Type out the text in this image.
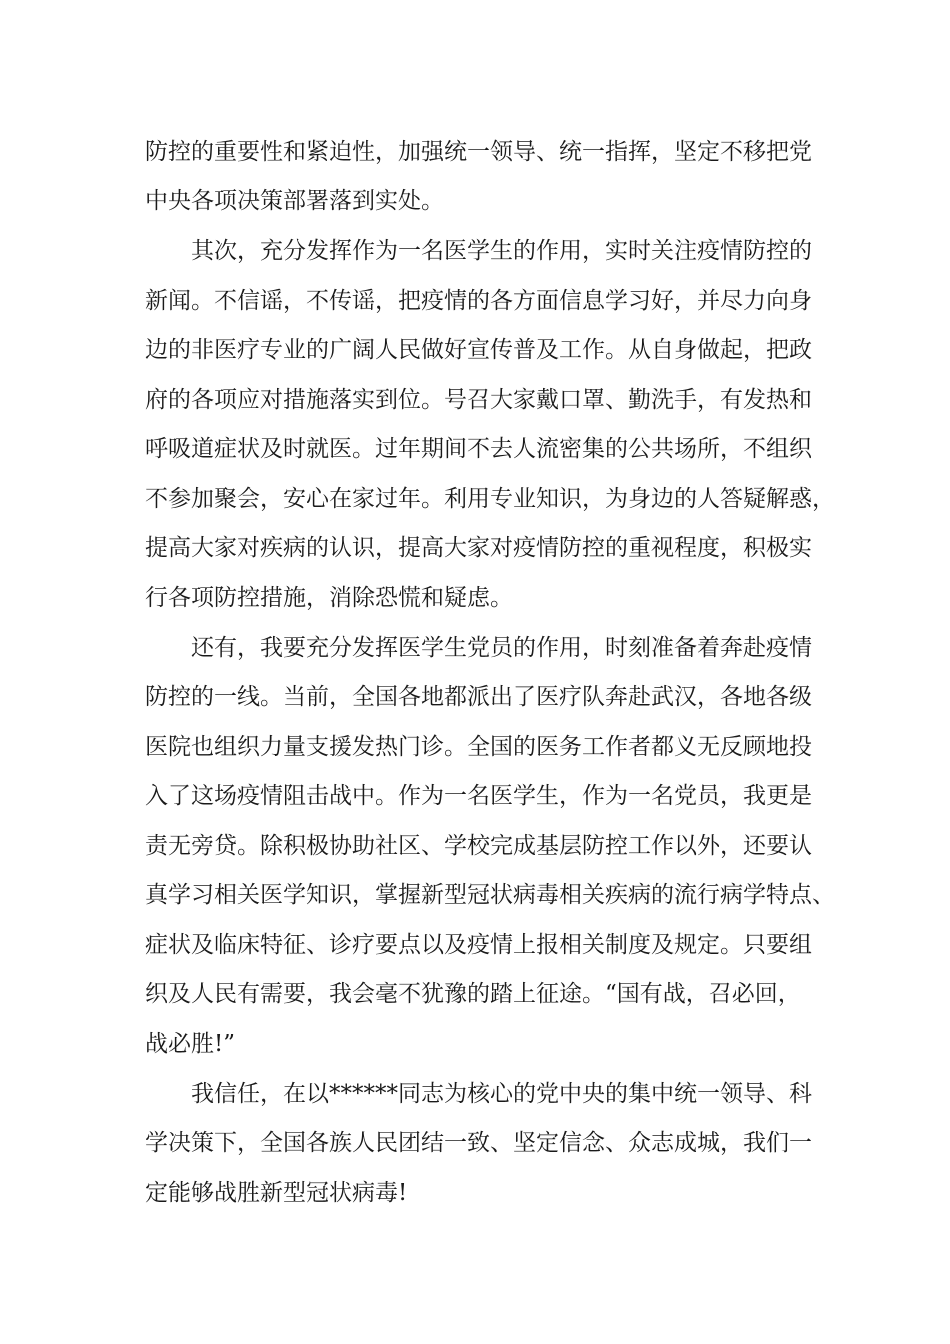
防控的重要性和紧迫性，加强统一领导、统一指挥，坚定不移把党
中央各项决策部署落到实处。
其次，充分发挥作为一名医学生的作用，实时关注疫情防控的
新闻。不信谣，不传谣，把疫情的各方面信息学习好，并尽力向身
边的非医疗专业的广阔人民做好宣传普及工作。从自身做起，把政
府的各项应对措施落实到位。号召大家戴口罩、勤洗手，有发热和
呼吸道症状及时就医。过年期间不去人流密集的公共场所，不组织
不参加聚会，安心在家过年。利用专业知识，为身边的人答疑解惑，
提高大家对疾病的认识，提高大家对疫情防控的重视程度，积极实
行各项防控措施，消除恐慌和疑虑。
还有，我要充分发挥医学生党员的作用，时刻准备着奔赴疫情
防控的一线。当前，全国各地都派出了医疗队奔赴武汉，各地各级
医院也组织力量支援发热门诊。全国的医务工作者都义无反顾地投
入了这场疫情阻击战中。作为一名医学生，作为一名党员，我更是
责无旁贷。除积极协助社区、学校完成基层防控工作以外，还要认
真学习相关医学知识，掌握新型冠状病毒相关疾病的流行病学特点、
症状及临床特征、诊疗要点以及疫情上报相关制度及规定。只要组
织及人民有需要，我会毫不犹豫的踏上征途。“国有战，召必回，
战必胜!”
我信任，在以******同志为核心的党中央的集中统一领导、科
学决策下，全国各族人民团结一致、坚定信念、众志成城，我们一
定能够战胜新型冠状病毒!
